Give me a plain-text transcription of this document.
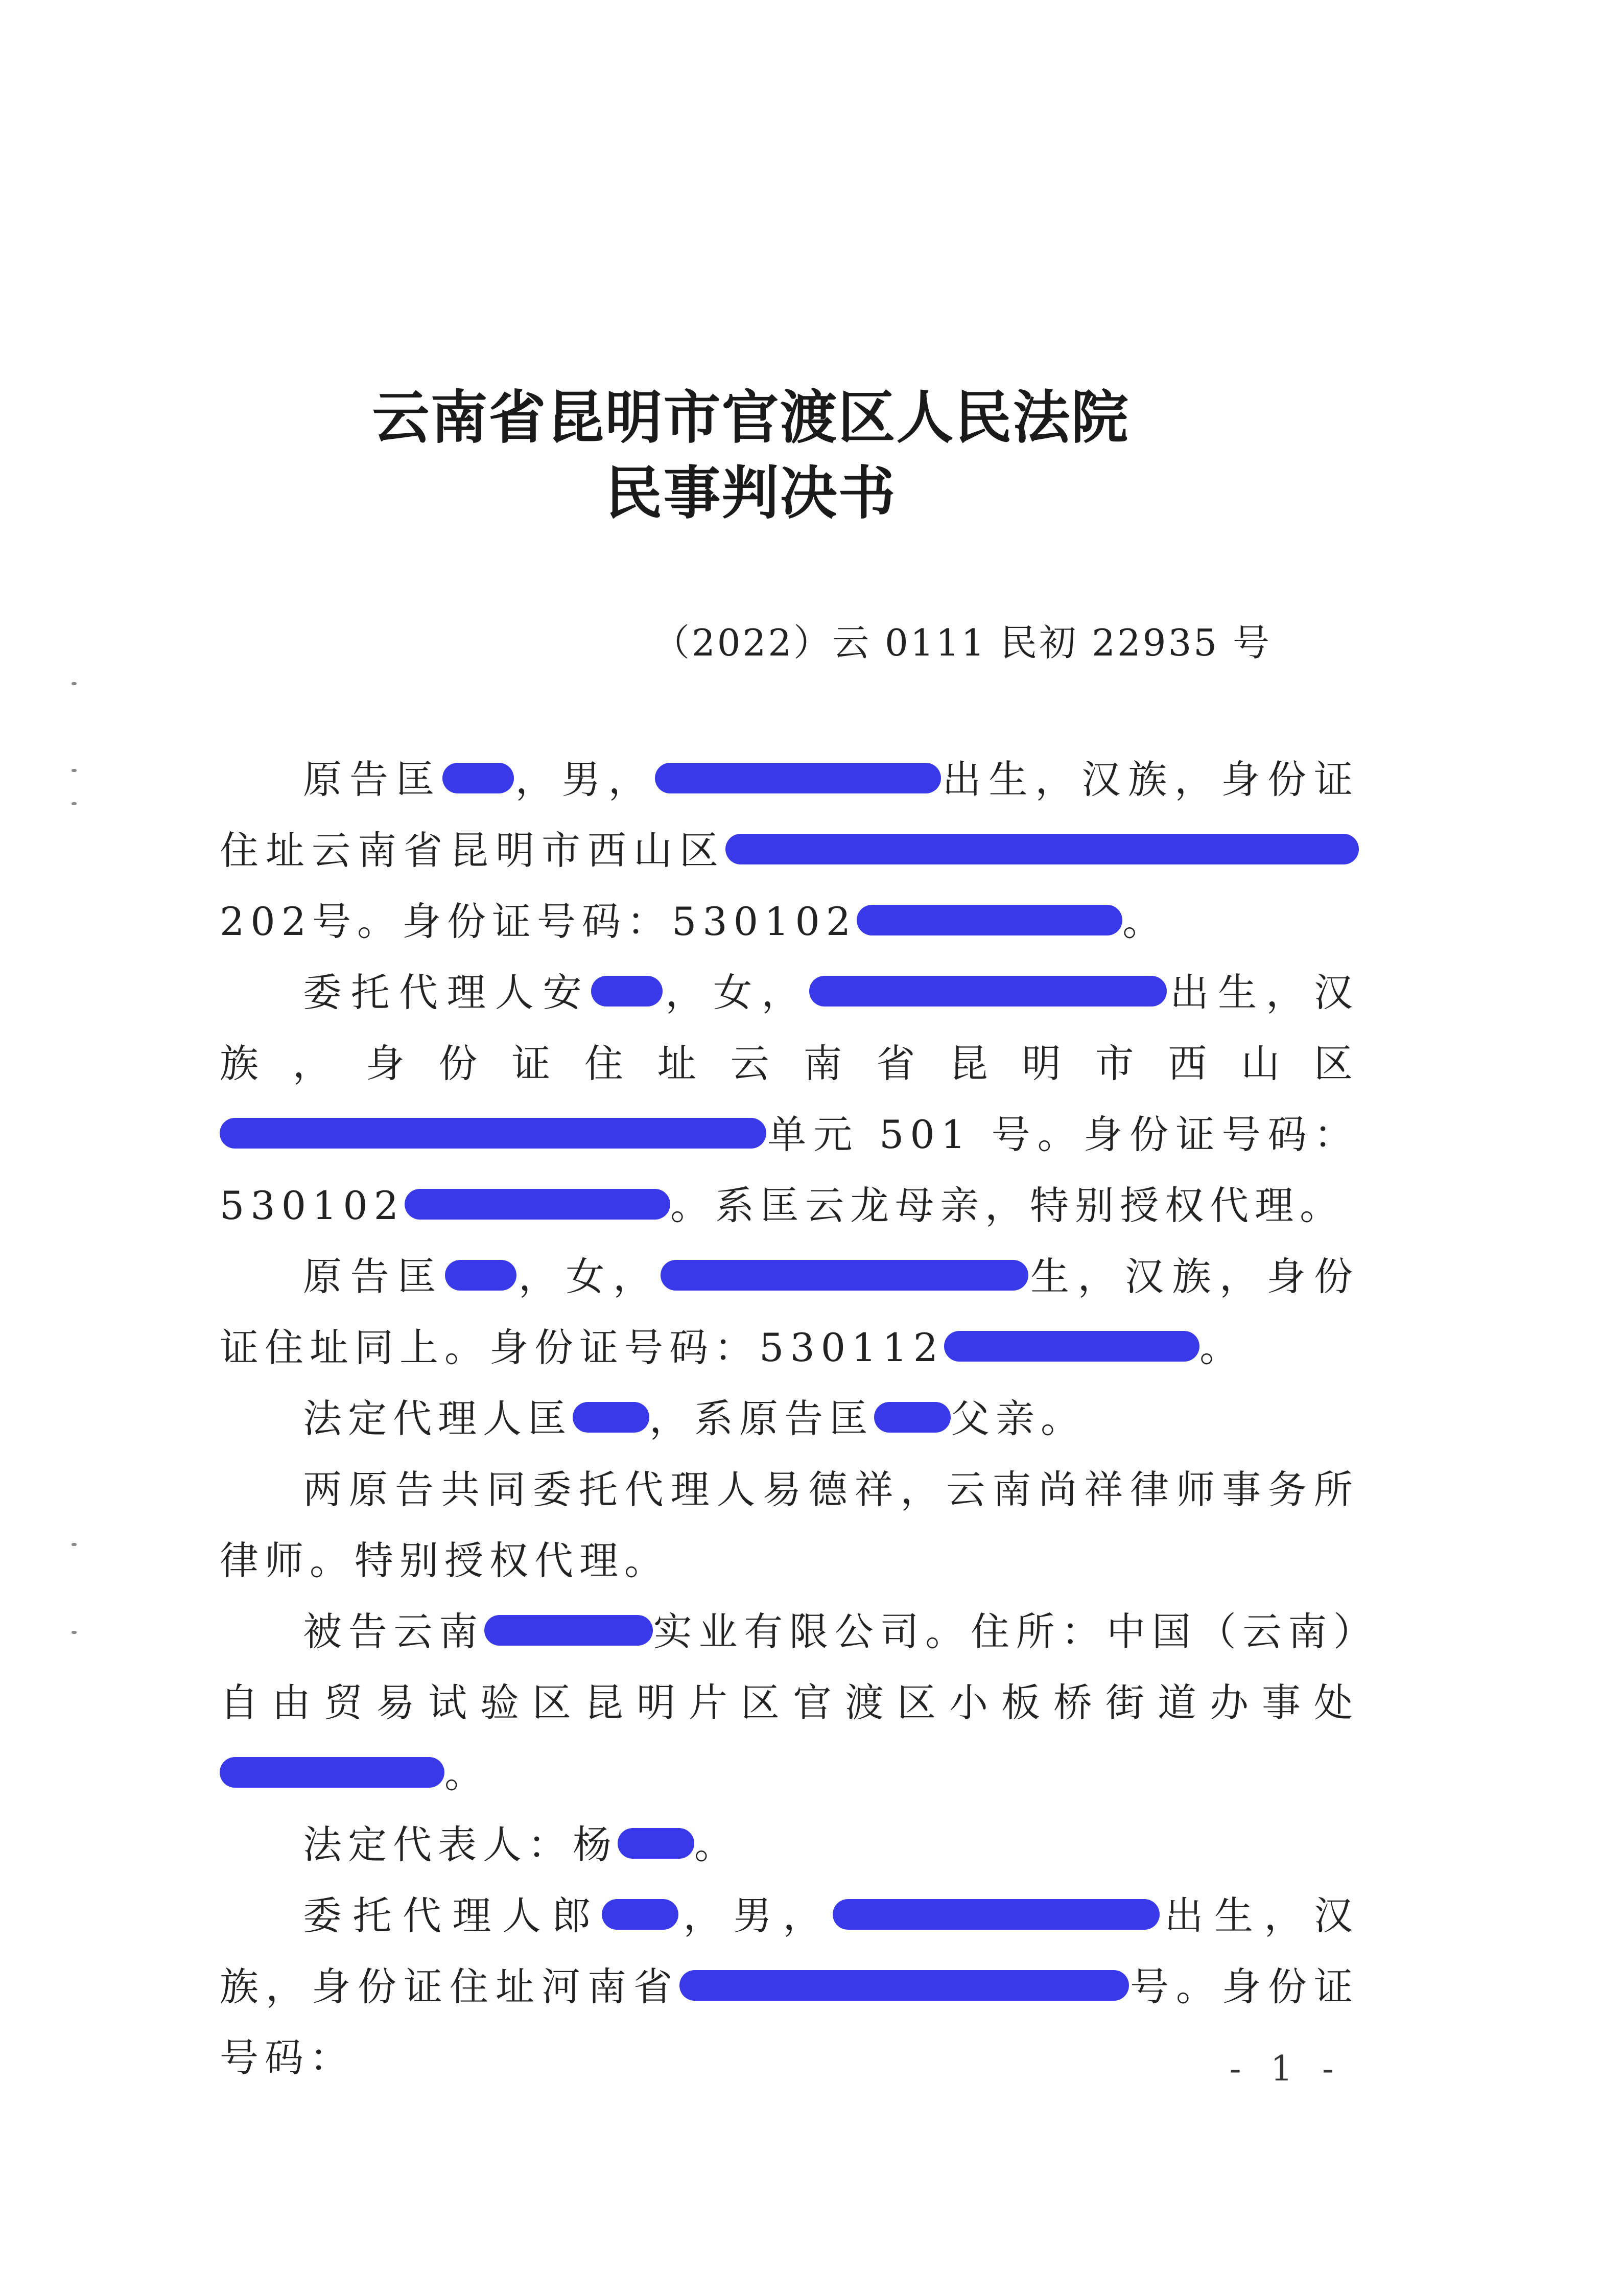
云南省昆明市官渡区人民法院
民事判决书
（2022）云 0111 民初 22935 号

原告匡 ，男，	出生，汉族，身份证住址云南省昆明市西山区202号。身份证号码：530102	。

委托代理人安 ，女，	出生，汉族，身份证住址云南省昆明市西山区单元 501 号。身份证号码：530102	。系匡云龙母亲，特别授权代理。

原告匡 ，女，	生，汉族，身份证住址同上。身份证号码：530112	。

法定代理人匡 ，系原告匡 父亲。

两原告共同委托代理人易德祥，云南尚祥律师事务所律师。特别授权代理。

被告云南	实业有限公司。住所：中国（云南）自由贸易试验区昆明片区官渡区小板桥街道办事处。

法定代表人：杨 。

委托代理人郎 ，男，	出生，汉族，身份证住址河南省	号。身份证号码：	- 1 -
